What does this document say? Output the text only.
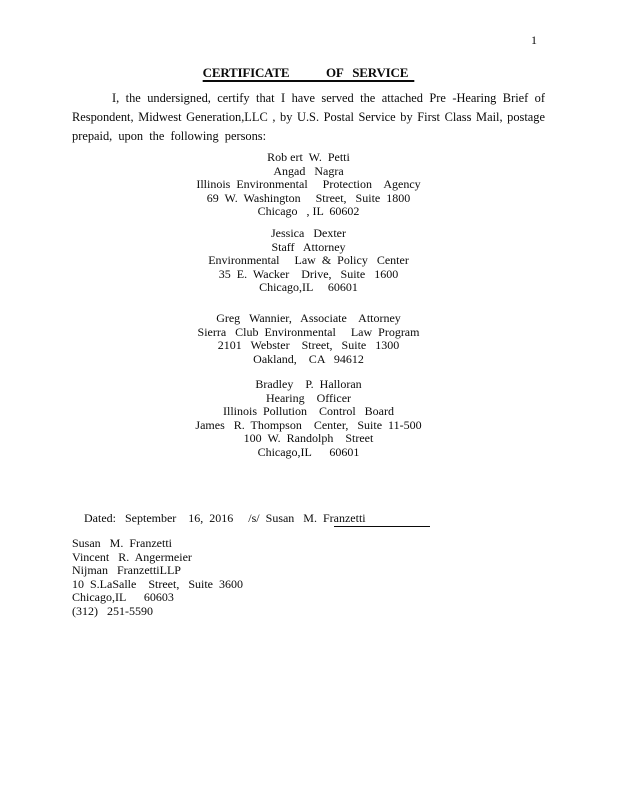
1
CERTIFICATE            OF   SERVICE
I, the undersigned, certify that I have served the attached Pre -Hearing Brief of
Respondent, Midwest Generation,LLC , by U.S. Postal Service by First Class Mail, postage
prepaid, upon the following persons:
Rob ert  W.  Petti
Angad   Nagra
Illinois  Environmental     Protection    Agency
69  W.  Washington     Street,   Suite  1800
Chicago   , IL  60602
Jessica   Dexter
Staff   Attorney
Environmental     Law  &  Policy   Center
35  E.  Wacker    Drive,   Suite   1600
Chicago,IL     60601
Greg   Wannier,   Associate    Attorney
Sierra   Club  Environmental     Law  Program
2101   Webster    Street,   Suite   1300
Oakland,    CA   94612
Bradley    P.  Halloran
Hearing    Officer
Illinois  Pollution    Control   Board
James   R.  Thompson    Center,   Suite  11-500
100  W.  Randolph    Street
Chicago,IL      60601

Dated:   September    16,  2016     /s/  Susan   M.  Franzetti

Susan   M.  Franzetti
Vincent   R.  Angermeier
Nijman   FranzettiLLP
10  S.LaSalle    Street,   Suite  3600
Chicago,IL      60603
(312)   251-5590
